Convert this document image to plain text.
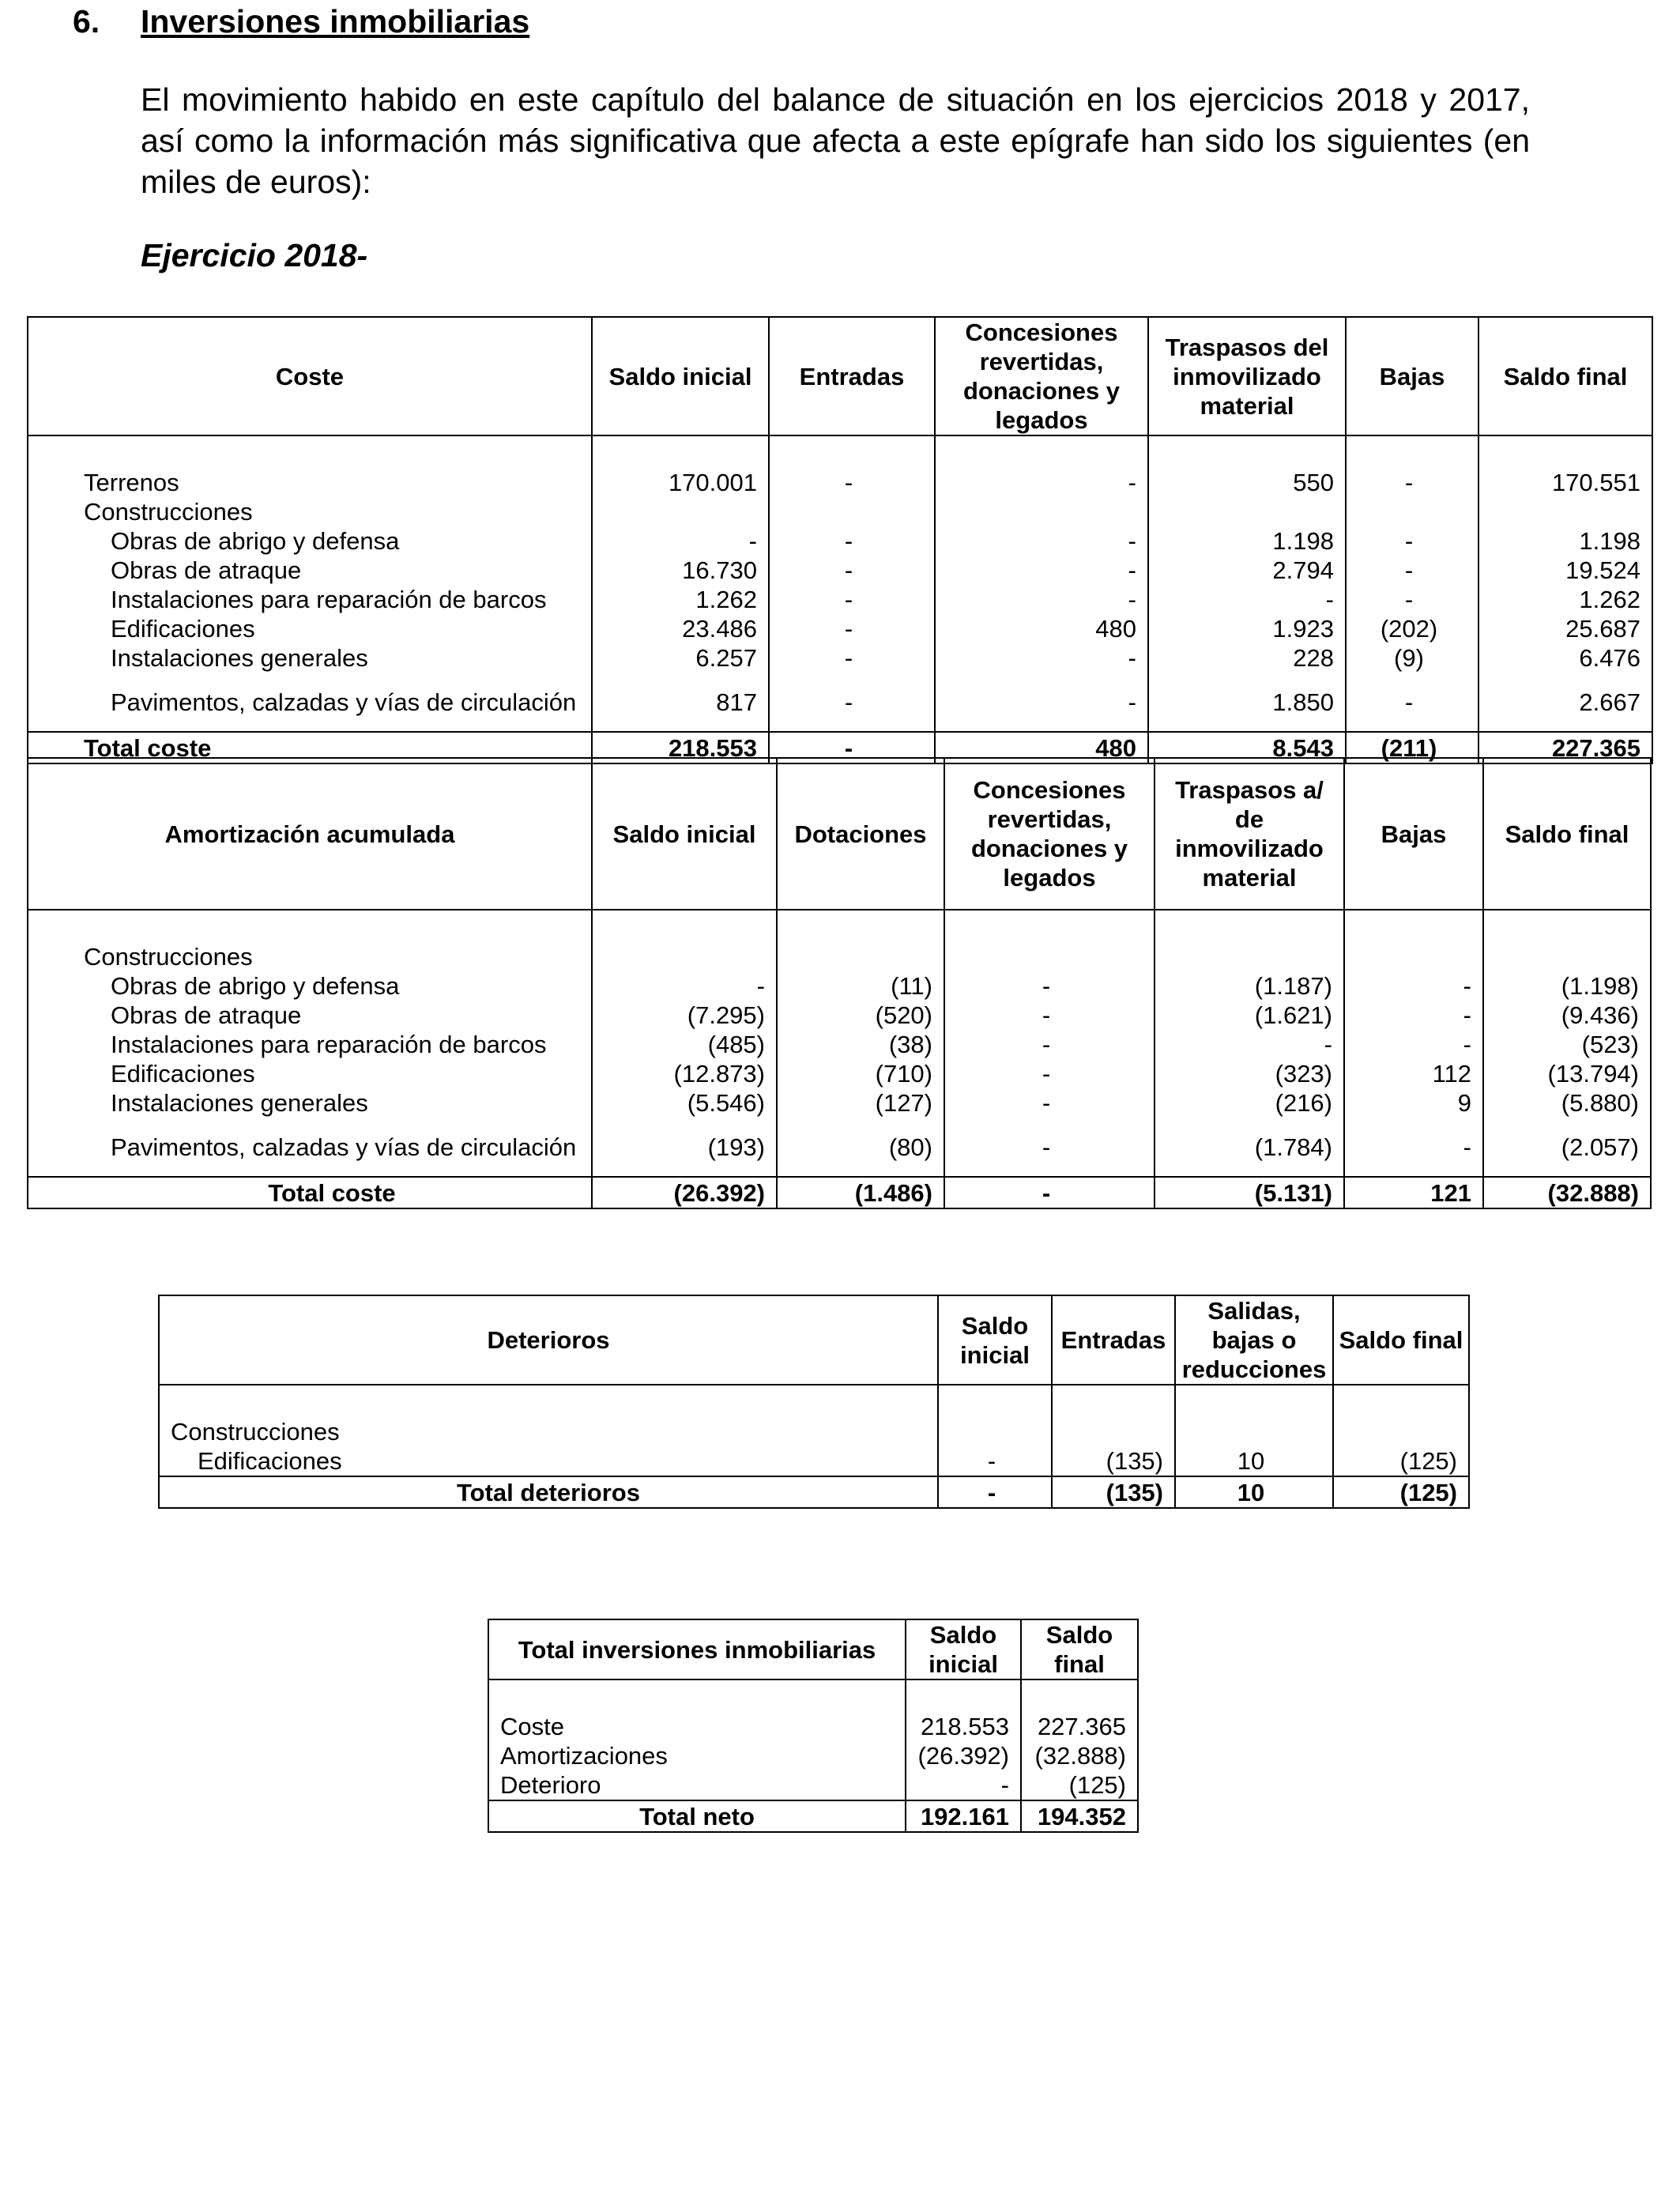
6. Inversiones inmobiliarias

El movimiento habido en este capítulo del balance de situación en los ejercicios 2018 y 2017, así como la información más significativa que afecta a este epígrafe han sido los siguientes (en miles de euros):

Ejercicio 2018-

Coste	Saldo inicial	Entradas	Concesiones revertidas, donaciones y legados	Traspasos del inmovilizado material	Bajas	Saldo final

Terrenos	170.001	-	-	550	-	170.551
Construcciones						
Obras de abrigo y defensa	-	-	-	1.198	-	1.198
Obras de atraque	16.730	-	-	2.794	-	19.524
Instalaciones para reparación de barcos	1.262	-	-	-	-	1.262
Edificaciones	23.486	-	480	1.923	(202)	25.687
Instalaciones generales	6.257	-	-	228	(9)	6.476
Pavimentos, calzadas y vías de circulación	817	-	-	1.850	-	2.667
Total coste	218.553	-	480	8.543	(211)	227.365
Amortización acumulada	Saldo inicial	Dotaciones	Concesiones revertidas, donaciones y legados	Traspasos a/ de inmovilizado material	Bajas	Saldo final

Construcciones						
Obras de abrigo y defensa	-	(11)	-	(1.187)	-	(1.198)
Obras de atraque	(7.295)	(520)	-	(1.621)	-	(9.436)
Instalaciones para reparación de barcos	(485)	(38)	-	-	-	(523)
Edificaciones	(12.873)	(710)	-	(323)	112	(13.794)
Instalaciones generales	(5.546)	(127)	-	(216)	9	(5.880)
Pavimentos, calzadas y vías de circulación	(193)	(80)	-	(1.784)	-	(2.057)
Total coste	(26.392)	(1.486)	-	(5.131)	121	(32.888)
Deterioros	Saldo inicial	Entradas	Salidas, bajas o reducciones	Saldo final

Construcciones				
Edificaciones	-	(135)	10	(125)
Total deterioros	-	(135)	10	(125)
Total inversiones inmobiliarias	Saldo inicial	Saldo final

Coste	218.553	227.365
Amortizaciones	(26.392)	(32.888)
Deterioro	-	(125)
Total neto	192.161	194.352
